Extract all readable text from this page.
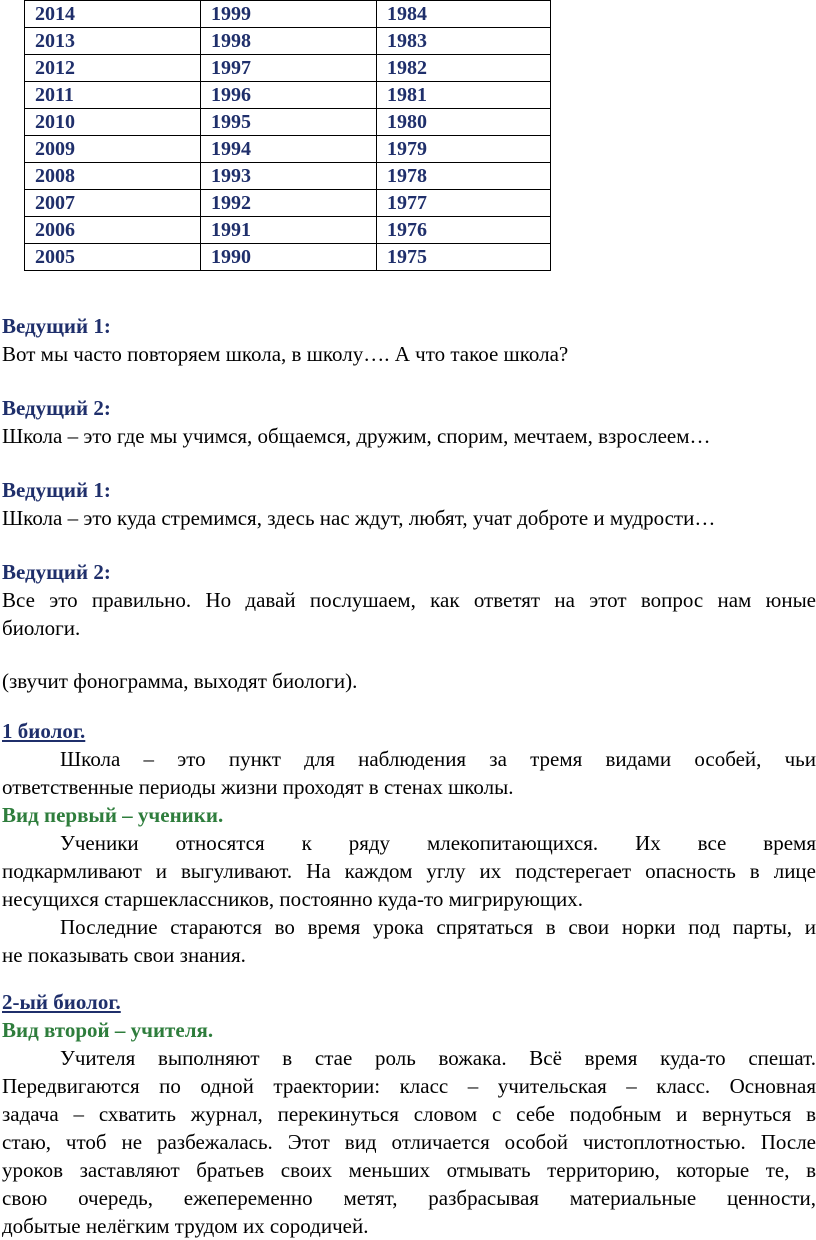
2014	1999	1984
2013	1998	1983
2012	1997	1982
2011	1996	1981
2010	1995	1980
2009	1994	1979
2008	1993	1978
2007	1992	1977
2006	1991	1976
2005	1990	1975
Ведущий 1:
Вот мы часто повторяем школа, в школу…. А что такое школа?
Ведущий 2:
Школа – это где мы учимся, общаемся, дружим, спорим, мечтаем, взрослеем…
Ведущий 1:
Школа – это куда стремимся, здесь нас ждут, любят, учат доброте и мудрости…
Ведущий 2:
Все это правильно. Но давай послушаем, как ответят на этот вопрос нам юные
биологи.
(звучит фонограмма, выходят биологи).
1 биолог.
Школа – это пункт для наблюдения за тремя видами особей, чьи
ответственные периоды жизни проходят в стенах школы.
Вид первый – ученики.
Ученики относятся к ряду млекопитающихся. Их все время
подкармливают и выгуливают. На каждом углу их подстерегает опасность в лице
несущихся старшеклассников, постоянно куда-то мигрирующих.
Последние стараются во время урока спрятаться в свои норки под парты, и
не показывать свои знания.
2-ый биолог.
Вид второй – учителя.
Учителя выполняют в стае роль вожака. Всё время куда-то спешат.
Передвигаются по одной траектории: класс – учительская – класс. Основная
задача – схватить журнал, перекинуться словом с себе подобным и вернуться в
стаю, чтоб не разбежалась. Этот вид отличается особой чистоплотностью. После
уроков заставляют братьев своих меньших отмывать территорию, которые те, в
свою очередь, ежепеременно метят, разбрасывая материальные ценности,
добытые нелёгким трудом их сородичей.
